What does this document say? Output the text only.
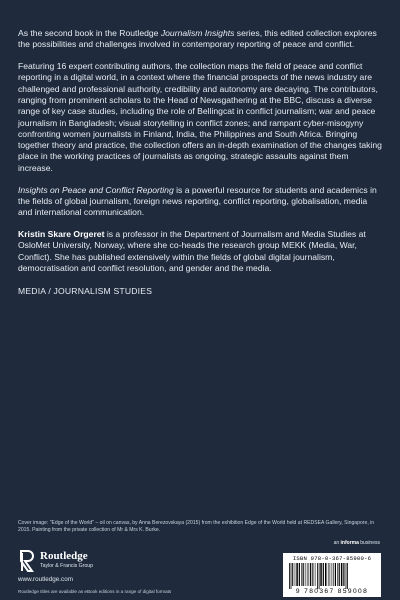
As the second book in the Routledge Journalism Insights series, this edited collection explores the possibilities and challenges involved in contemporary reporting of peace and conflict.

Featuring 16 expert contributing authors, the collection maps the field of peace and conflict reporting in a digital world, in a context where the financial prospects of the news industry are challenged and professional authority, credibility and autonomy are decaying. The contributors, ranging from prominent scholars to the Head of Newsgathering at the BBC, discuss a diverse range of key case studies, including the role of Bellingcat in conflict journalism; war and peace journalism in Bangladesh; visual storytelling in conflict zones; and rampant cyber-misogyny confronting women journalists in Finland, India, the Philippines and South Africa. Bringing together theory and practice, the collection offers an in-depth examination of the changes taking place in the working practices of journalists as ongoing, strategic assaults against them increase.

Insights on Peace and Conflict Reporting is a powerful resource for students and academics in the fields of global journalism, foreign news reporting, conflict reporting, globalisation, media and international communication.

Kristin Skare Orgeret is a professor in the Department of Journalism and Media Studies at OsloMet University, Norway, where she co-heads the research group MEKK (Media, War, Conflict). She has published extensively within the fields of global digital journalism, democratisation and conflict resolution, and gender and the media.

MEDIA / JOURNALISM STUDIES
Cover image: "Edge of the World" – oil on canvas, by Anna Berezovskaya (2015) from the exhibition Edge of the World held at REDSEA Gallery, Singapore, in 2015. Painting from the private collection of Mr & Mrs K. Burke.
an informa business
Routledge
Taylor & Francis Group
www.routledge.com
Routledge titles are available as eBook editions in a range of digital formats
ISBN 978-0-367-85900-6
9 780367 859008
